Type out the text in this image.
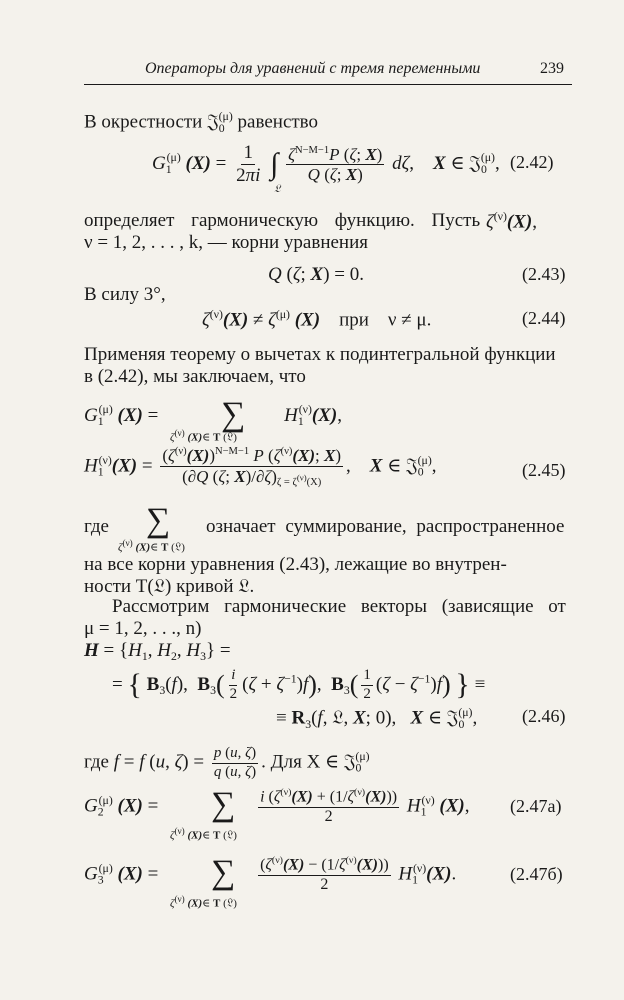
Операторы для уравнений с тремя переменными	239
В окрестности 𝔍$_0^{(\mu)}$ равенство
$G_1^{(\mu)}$ $(X) = \frac{1}{2\pi i}$ ∫ $\frac{\zeta^{N-M-1}P (\zeta; X)}{Q (\zeta; X)} d\zeta$,    X ∈ 𝔍$_0^{(\mu)}$,
𝔏
(2.42)
определяет гармоническую функцию. Пусть $\zeta^{(\nu)}(X)$,
ν = 1, 2, . . . , k, — корни уравнения
Q (ζ; X) = 0.	(2.43)
В силу 3°,
$\zeta^{(\nu)}(X) \ne \zeta^{(\mu)}$ (X) при    ν ≠ μ.	(2.44)
Применяя теорему о вычетах к подинтегральной функции
в (2.42), мы заключаем, что
$G_1^{(\mu)}$ (X) = ∑ $H_1^{(\nu)}(X)$,
$\zeta^{(\nu)}$ (X)∈ T (𝔏)
$H_1^{(\nu)}(X) = \frac{(\zeta^{(\nu)}(X))^{N-M-1} P (\zeta^{(\nu)}(X); X)}{(\partial Q (\zeta; X)/\partial\zeta)_{\zeta = \zeta^{(\nu)}(X)}}$ ,    X ∈ 𝔍$_0^{(\mu)}$,	(2.45)
где ∑
$\zeta^{(\nu)}$ (X)∈ T (𝔏)
означает суммирование, распространенное
на все корни уравнения (2.43), лежащие во внутрен-
ности T(𝔏) кривой 𝔏.
Рассмотрим гармонические векторы (зависящие от
μ = 1, 2, . . ., n)
$H = \{H_1$, $H_2$, $H_3$} =
= { $B_3(f)$,  $B_3( \frac{i}{2} (\zeta + \zeta^{-1})f)$,  $B_3( \frac{1}{2} (\zeta - \zeta^{-1})f)$ } ≡
≡ $R_3(f$, 𝔏, X; 0),   X ∈ 𝔍$_0^{(\mu)}$, (2.46)
где f = f (u, $\zeta) = \frac{p (u, \zeta)}{q (u, \zeta)}$ . Для X ∈ 𝔍$_0^{(\mu)}$
$G_2^{(\mu)}$ (X) = ∑ $\frac{i (\zeta^{(\nu)}(X) + (1/\zeta^{(\nu)}(X)))}{2} H_1^{(\nu)}$ (X),
$\zeta^{(\nu)}$ (X)∈ T (𝔏)
(2.47а)
$G_3^{(\mu)}$ (X) = ∑ $\frac{(\zeta^{(\nu)}(X) - (1/\zeta^{(\nu)}(X)))}{2} H_1^{(\nu)}(X)$.
$\zeta^{(\nu)}$ (X)∈ T (𝔏)
(2.47б)
